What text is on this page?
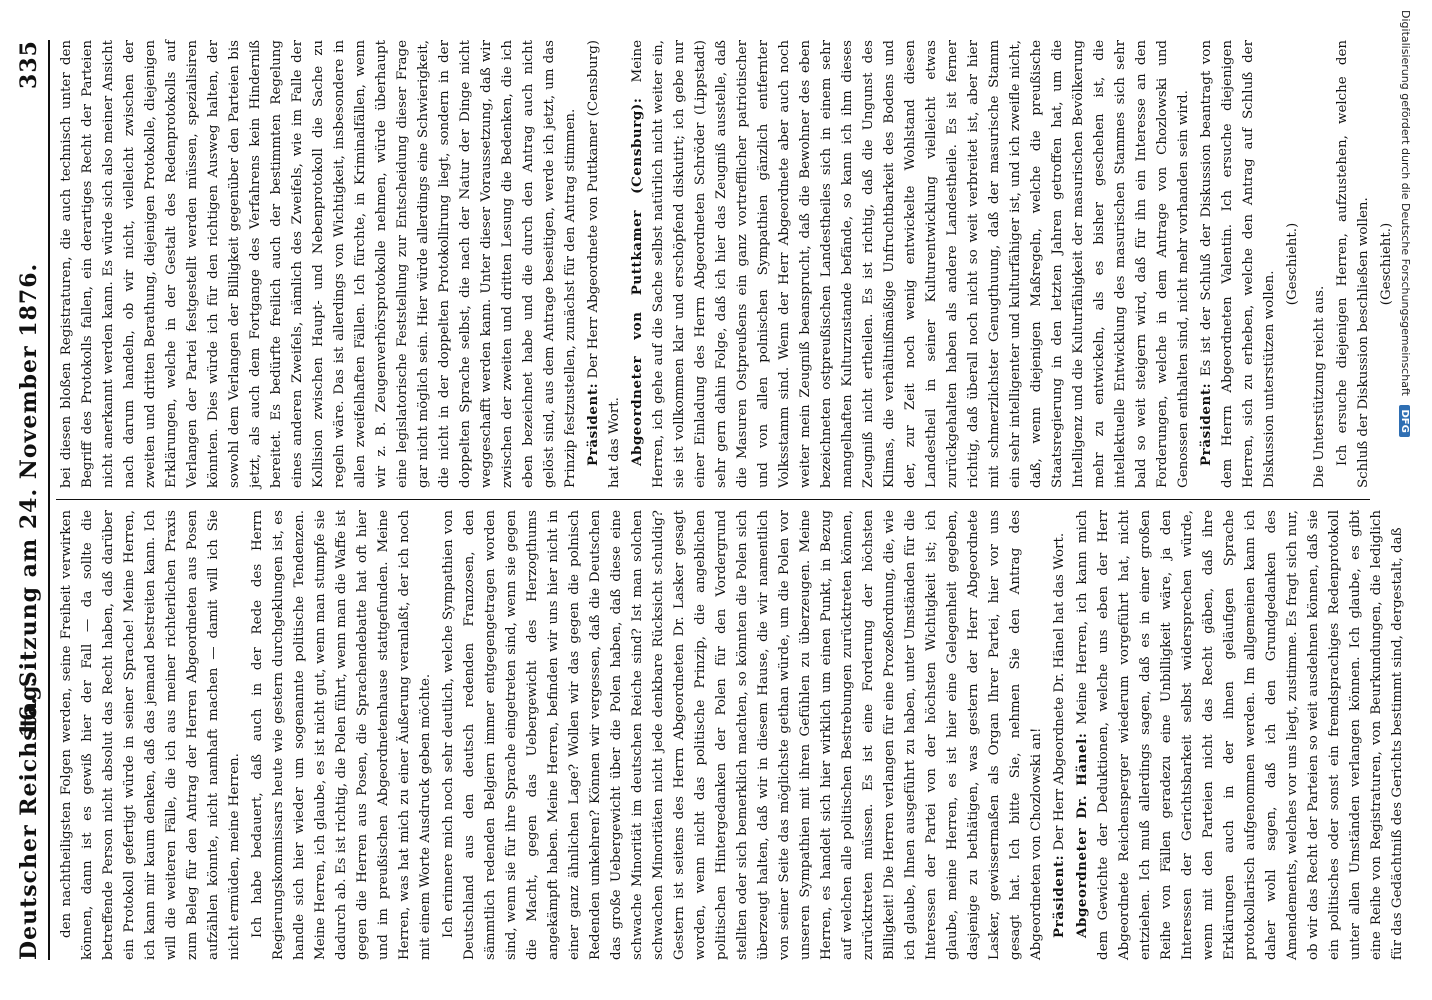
Deutscher Reichstag.
16. Sitzung am 24. November 1876.
335

den nachtheiligsten Folgen werden, seine Freiheit verwirken können, dann ist es gewiß hier der Fall — da sollte die betreffende Person nicht absolut das Recht haben, daß darüber ein Protokoll gefertigt würde in seiner Sprache! Meine Herren, ich kann mir kaum denken, daß das jemand bestreiten kann. Ich will die weiteren Fälle, die ich aus meiner richterlichen Praxis zum Beleg für den Antrag der Herren Abgeordneten aus Posen aufzählen könnte, nicht namhaft machen — damit will ich Sie nicht ermüden, meine Herren. Ich habe bedauert, daß auch in der Rede des Herrn Regierungskommissars heute wie gestern durchgeklungen ist, es handle sich hier wieder um sogenannte politische Tendenzen. Meine Herren, ich glaube, es ist nicht gut, wenn man stumpfe sie dadurch ab. Es ist richtig, die Polen führt, wenn man die Waffe ist gegen die Herren aus Posen, die Sprachendebatte hat oft hier und im preußischen Abgeordnetenhause stattgefunden. Meine Herren, was hat mich zu einer Äußerung veranlaßt, der ich noch mit einem Worte Ausdruck geben möchte. Ich erinnere mich noch sehr deutlich, welche Sympathien von Deutschland aus den deutsch redenden Franzosen, den sämmtlich redenden Belgiern immer entgegengetragen worden sind, wenn sie für ihre Sprache eingetreten sind, wenn sie gegen die Macht, gegen das Uebergewicht des Herzogthums angekämpft haben. Meine Herren, befinden wir uns hier nicht in einer ganz ähnlichen Lage? Wollen wir das gegen die polnisch Redenden umkehren? Können wir vergessen, daß die Deutschen das große Uebergewicht über die Polen haben, daß diese eine schwache Minorität im deutschen Reiche sind? Ist man solchen schwachen Minoritäten nicht jede denkbare Rücksicht schuldig? Gestern ist seitens des Herrn Abgeordneten Dr. Lasker gesagt worden, wenn nicht das politische Prinzip, die angeblichen politischen Hintergedanken der Polen für den Vordergrund stellten oder sich bemerklich machten, so könnten die Polen sich überzeugt halten, daß wir in diesem Hause, die wir namentlich von seiner Seite das möglichste gethan würde, um die Polen vor unseren Sympathien mit ihren Gefühlen zu überzeugen. Meine Herren, es handelt sich hier wirklich um einen Punkt, in Bezug auf welchen alle politischen Bestrebungen zurücktreten können, zurücktreten müssen. Es ist eine Forderung der höchsten Billigkeit! Die Herren verlangen für eine Prozeßordnung, die, wie ich glaube, Ihnen ausgeführt zu haben, unter Umständen für die Interessen der Partei von der höchsten Wichtigkeit ist; ich glaube, meine Herren, es ist hier eine Gelegenheit gegeben, dasjenige zu bethätigen, was gestern der Herr Abgeordnete Lasker, gewissermaßen als Organ Ihrer Partei, hier vor uns gesagt hat. Ich bitte Sie, nehmen Sie den Antrag des Abgeordneten von Chozlowski an! Präsident: Der Herr Abgeordnete Dr. Hänel hat das Wort. Abgeordneter Dr. Hänel: Meine Herren, ich kann mich dem Gewichte der Deduktionen, welche uns eben der Herr Abgeordnete Reichensperger wiederum vorgeführt hat, nicht entziehen. Ich muß allerdings sagen, daß es in einer großen Reihe von Fällen geradezu eine Unbilligkeit wäre, ja den Interessen der Gerichtsbarkeit selbst widersprechen würde, wenn mit den Parteien nicht das Recht gäben, daß ihre Erklärungen auch in der ihnen geläufigen Sprache protokollarisch aufgenommen werden. Im allgemeinen kann ich daher wohl sagen, daß ich den Grundgedanken des Amendements, welches vor uns liegt, zustimme. Es fragt sich nur, ob wir das Recht der Parteien so weit ausdehnen können, daß sie ein politisches oder sonst ein fremdsprachiges Redenprotokoll unter allen Umständen verlangen können. Ich glaube, es gibt eine Reihe von Registraturen, von Beurkundungen, die lediglich für das Gedächtniß des Gerichts bestimmt sind, dergestalt, daß

bei diesen bloßen Registraturen, die auch technisch unter den Begriff des Protokolls fallen, ein derartiges Recht der Parteien nicht anerkannt werden kann. Es würde sich also meiner Ansicht nach darum handeln, ob wir nicht, vielleicht zwischen der zweiten und dritten Berathung, diejenigen Protokolle, diejenigen Erklärungen, welche in der Gestalt des Redenprotokolls auf Verlangen der Partei festgestellt werden müssen, spezialisiren könnten. Dies würde ich für den richtigen Ausweg halten, der sowohl dem Verlangen der Billigkeit gegenüber den Parteien bis jetzt, als auch dem Fortgange des Verfahrens kein Hinderniß bereitet. Es bedürfte freilich auch der bestimmten Regelung eines anderen Zweifels, nämlich des Zweifels, wie im Falle der Kollision zwischen Haupt- und Nebenprotokoll die Sache zu regeln wäre. Das ist allerdings von Wichtigkeit, insbesondere in allen zweifelhaften Fällen. Ich fürchte, in Kriminalfällen, wenn wir z. B. Zeugenverhörsprotokolle nehmen, würde überhaupt eine legislatorische Feststellung zur Entscheidung dieser Frage gar nicht möglich sein. Hier würde allerdings eine Schwierigkeit, die nicht in der doppelten Protokollirung liegt, sondern in der doppelten Sprache selbst, die nach der Natur der Dinge nicht weggeschafft werden kann. Unter dieser Voraussetzung, daß wir zwischen der zweiten und dritten Lesung die Bedenken, die ich eben bezeichnet habe und die durch den Antrag auch nicht gelöst sind, aus dem Antrage beseitigen, werde ich jetzt, um das Prinzip festzustellen, zunächst für den Antrag stimmen. Präsident: Der Herr Abgeordnete von Puttkamer (Censburg) hat das Wort. Abgeordneter von Puttkamer (Censburg): Meine Herren, ich gehe auf die Sache selbst natürlich nicht weiter ein, sie ist vollkommen klar und erschöpfend diskutirt; ich gebe nur einer Einladung des Herrn Abgeordneten Schröder (Lippstadt) sehr gern dahin Folge, daß ich hier das Zeugniß ausstelle, daß die Masuren Ostpreußens ein ganz vortrefflicher patriotischer und von allen polnischen Sympathien gänzlich entfernter Volksstamm sind. Wenn der Herr Abgeordnete aber auch noch weiter mein Zeugniß beansprucht, daß die Bewohner des eben bezeichneten ostpreußischen Landestheiles sich in einem sehr mangelhaften Kulturzustande befände, so kann ich ihm dieses Zeugniß nicht ertheilen. Es ist richtig, daß die Ungunst des Klimas, die verhältnißmäßige Unfruchtbarkeit des Bodens und der, zur Zeit noch wenig entwickelte Wohlstand diesen Landestheil in seiner Kulturentwicklung vielleicht etwas zurückgehalten haben als andere Landestheile. Es ist ferner richtig, daß überall noch nicht so weit verbreitet ist, aber hier mit schmerzlichster Genugthuung, daß der masurische Stamm ein sehr intelligenter und kulturfähiger ist, und ich zweifle nicht, daß, wenn diejenigen Maßregeln, welche die preußische Staatsregierung in den letzten Jahren getroffen hat, um die Intelligenz und die Kulturfähigkeit der masurischen Bevölkerung mehr zu entwickeln, als es bisher geschehen ist, die intellektuelle Entwicklung des masurischen Stammes sich sehr bald so weit steigern wird, daß für ihn ein Interesse an den Forderungen, welche in dem Antrage von Chozlowski und Genossen enthalten sind, nicht mehr vorhanden sein wird. Präsident: Es ist der Schluß der Diskussion beantragt von dem Herrn Abgeordneten Valentin. Ich ersuche diejenigen Herren, sich zu erheben, welche den Antrag auf Schluß der Diskussion unterstützen wollen.

(Geschieht.)

Die Unterstützung reicht aus. Ich ersuche diejenigen Herren, aufzustehen, welche den Schluß der Diskussion beschließen wollen. (Geschieht.) Digitalisierung gefördert durch die Deutsche Forschungsgemeinschaft DFG
